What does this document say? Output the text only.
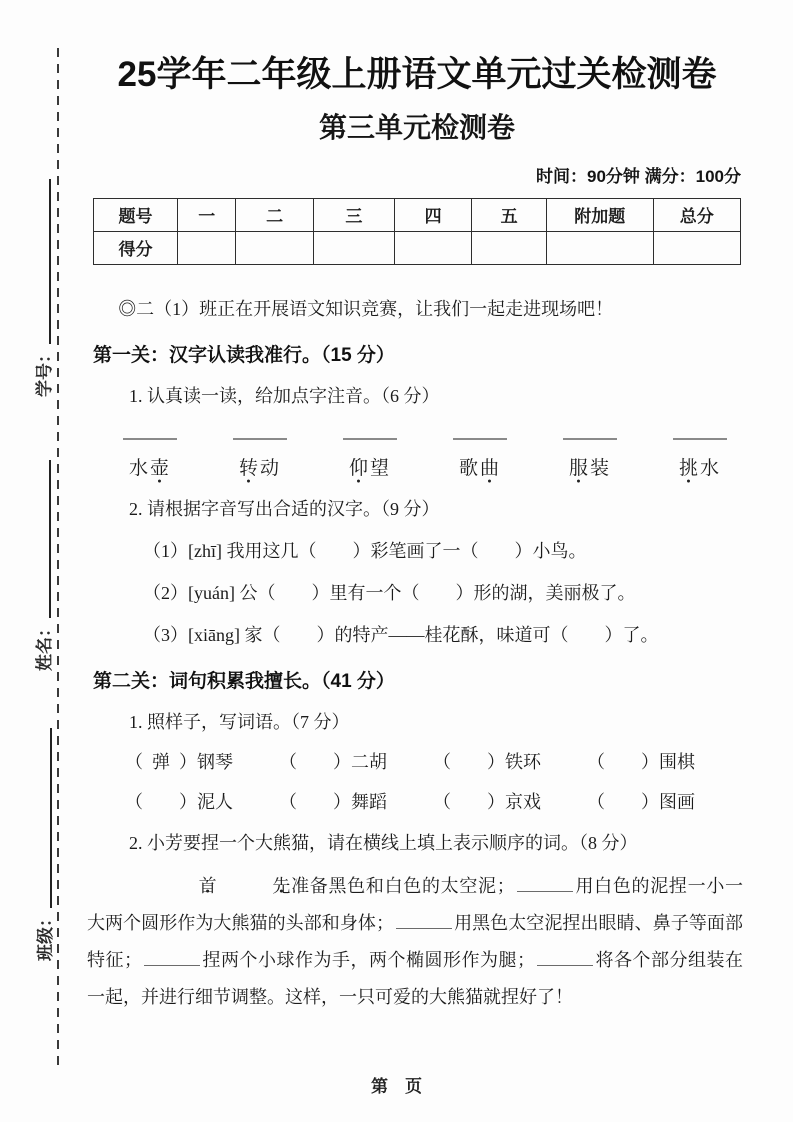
学号：
姓名：
班级：
25学年二年级上册语文单元过关检测卷
第三单元检测卷
时间：90分钟 满分：100分
题号	一	二	三	四	五	附加题	总分
得分							

◎二（1）班正在开展语文知识竞赛，让我们一起走进现场吧！

第一关：汉字认读我准行。（15 分）

1. 认真读一读，给加点字注音。（6 分）

水壶 ●	转 ●动	仰 ●望	歌曲 ●	服 ●装	挑 ●水

2. 请根据字音写出合适的汉字。（9 分）

（1）[zhī] 我用这几（　　）彩笔画了一（　　）小鸟。

（2）[yuán] 公（　　）里有一个（　　）形的湖，美丽极了。

（3）[xiāng] 家（　　）的特产——桂花酥，味道可（　　）了。

第二关：词句积累我擅长。（41 分）

1. 照样子，写词语。（7 分）

（ 弹 ）钢琴	（ ）二胡	（ ）铁环	（ ）围棋
（ ）泥人	（ ）舞蹈	（ ）京戏	（ ）图画

2. 小芳要捏一个大熊猫，请在横线上填上表示顺序的词。（8 分）

首 ●	先 ●准备黑色和白色的太空泥；	用白色的泥捏一小一大两个圆形作为大熊猫的头部和身体；	用黑色太空泥捏出眼睛、鼻子等面部特征；	捏两个小球作为手，两个椭圆形作为腿；	将各个部分组装在一起，并进行细节调整。这样，一只可爱的大熊猫就捏好了！

第　页
